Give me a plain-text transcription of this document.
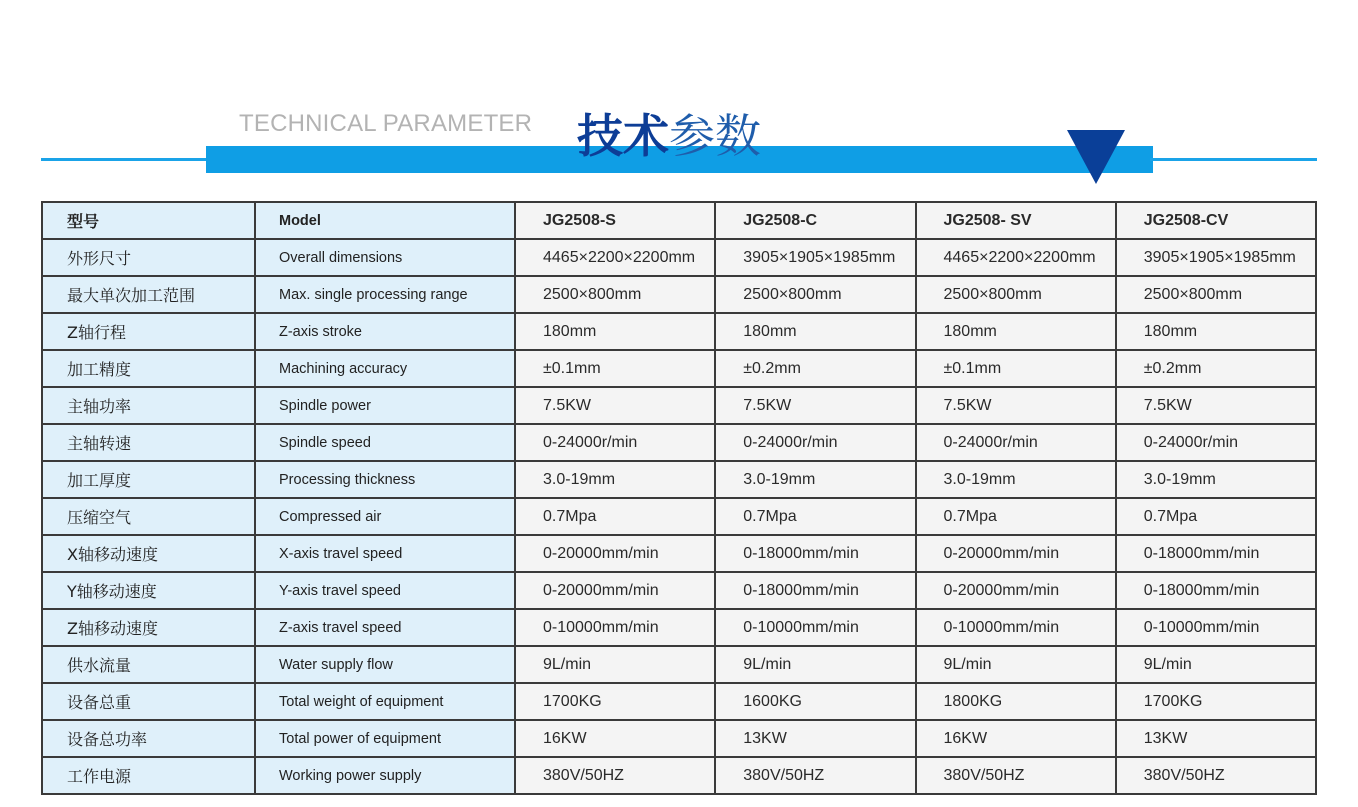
TECHNICAL PARAMETER 技术参数
型号	Model	JG2508-S	JG2508-C	JG2508- SV	JG2508-CV
外形尺寸	Overall dimensions	4465×2200×2200mm	3905×1905×1985mm	4465×2200×2200mm	3905×1905×1985mm
最大单次加工范围	Max. single processing range	2500×800mm	2500×800mm	2500×800mm	2500×800mm
Z轴行程	Z-axis stroke	180mm	180mm	180mm	180mm
加工精度	Machining accuracy	±0.1mm	±0.2mm	±0.1mm	±0.2mm
主轴功率	Spindle power	7.5KW	7.5KW	7.5KW	7.5KW
主轴转速	Spindle speed	0-24000r/min	0-24000r/min	0-24000r/min	0-24000r/min
加工厚度	Processing thickness	3.0-19mm	3.0-19mm	3.0-19mm	3.0-19mm
压缩空气	Compressed air	0.7Mpa	0.7Mpa	0.7Mpa	0.7Mpa
X轴移动速度	X-axis travel speed	0-20000mm/min	0-18000mm/min	0-20000mm/min	0-18000mm/min
Y轴移动速度	Y-axis travel speed	0-20000mm/min	0-18000mm/min	0-20000mm/min	0-18000mm/min
Z轴移动速度	Z-axis travel speed	0-10000mm/min	0-10000mm/min	0-10000mm/min	0-10000mm/min
供水流量	Water supply flow	9L/min	9L/min	9L/min	9L/min
设备总重	Total weight of equipment	1700KG	1600KG	1800KG	1700KG
设备总功率	Total power of equipment	16KW	13KW	16KW	13KW
工作电源	Working power supply	380V/50HZ	380V/50HZ	380V/50HZ	380V/50HZ
